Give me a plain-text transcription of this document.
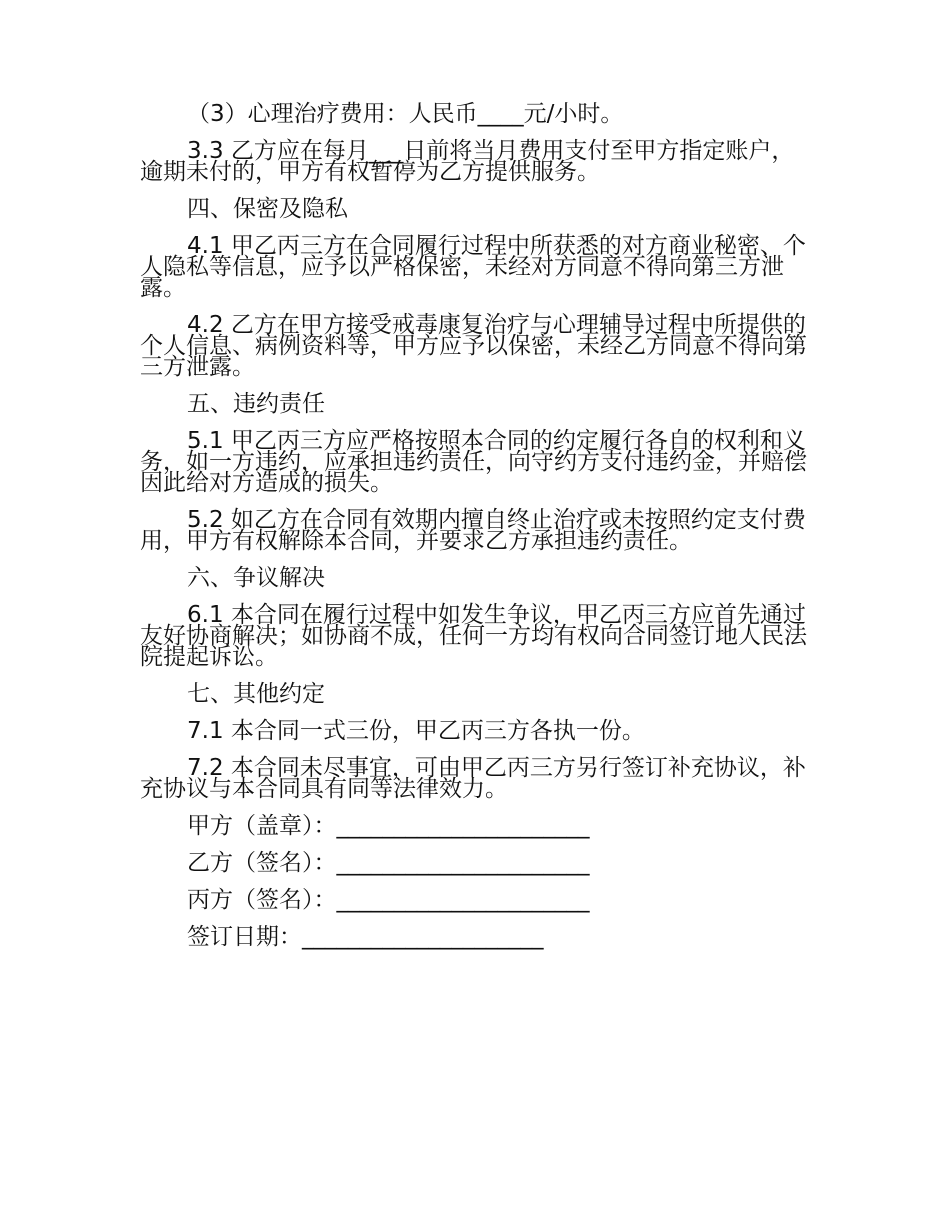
（3）心理治疗费用：人民币____元/小时。

3.3 乙方应在每月___日前将当月费用支付至甲方指定账户，逾期未付的，甲方有权暂停为乙方提供服务。

四、保密及隐私

4.1 甲乙丙三方在合同履行过程中所获悉的对方商业秘密、个人隐私等信息，应予以严格保密，未经对方同意不得向第三方泄露。

4.2 乙方在甲方接受戒毒康复治疗与心理辅导过程中所提供的个人信息、病例资料等，甲方应予以保密，未经乙方同意不得向第三方泄露。

五、违约责任

5.1 甲乙丙三方应严格按照本合同的约定履行各自的权利和义务，如一方违约，应承担违约责任，向守约方支付违约金，并赔偿因此给对方造成的损失。

5.2 如乙方在合同有效期内擅自终止治疗或未按照约定支付费用，甲方有权解除本合同，并要求乙方承担违约责任。

六、争议解决

6.1 本合同在履行过程中如发生争议，甲乙丙三方应首先通过友好协商解决；如协商不成，任何一方均有权向合同签订地人民法院提起诉讼。

七、其他约定

7.1 本合同一式三份，甲乙丙三方各执一份。

7.2 本合同未尽事宜，可由甲乙丙三方另行签订补充协议，补充协议与本合同具有同等法律效力。

甲方（盖章）：______________________
乙方（签名）：______________________
丙方（签名）：______________________
签订日期：_____________________
